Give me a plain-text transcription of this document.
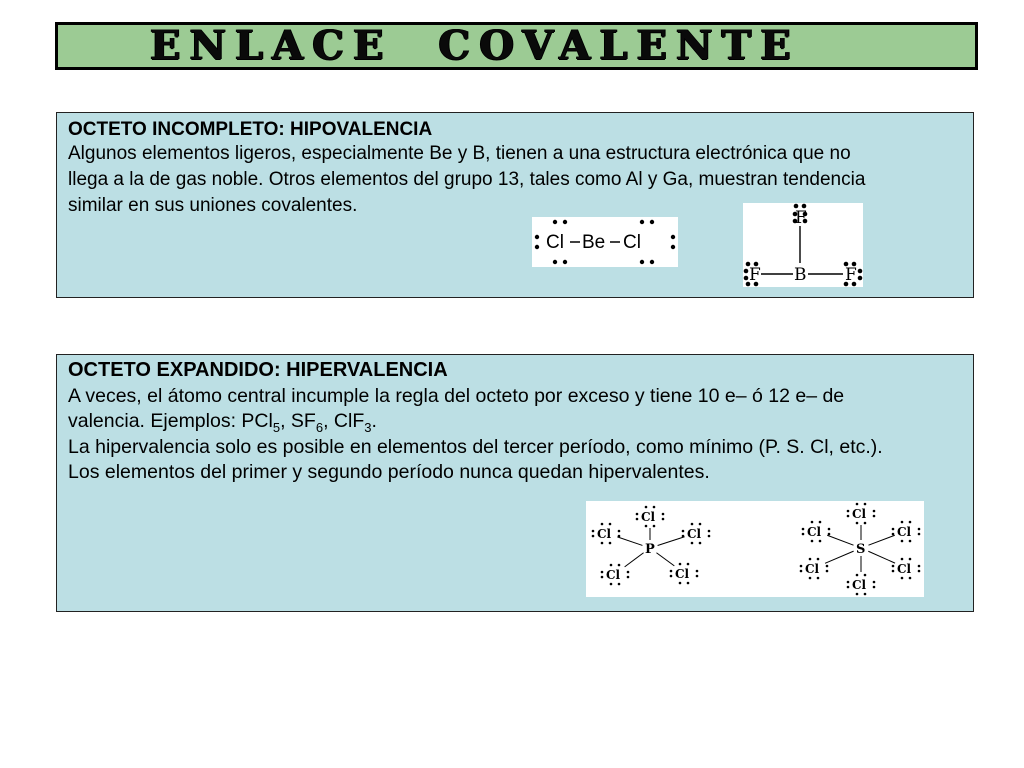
ENLACE  COVALENTE
OCTETO INCOMPLETO: HIPOVALENCIA
Algunos elementos ligeros, especialmente Be y B, tienen a una estructura electrónica que no
llega a la de gas noble. Otros elementos del grupo 13, tales como Al y Ga, muestran tendencia
similar en sus uniones covalentes.
Cl Be Cl
F
F B F
OCTETO EXPANDIDO: HIPERVALENCIA
A veces, el átomo central incumple la regla del octeto por exceso y tiene 10 e– ó 12 e– de
valencia. Ejemplos: PCl$_5$, $SF_6$, ClF$_3$.
La hipervalencia solo es posible en elementos del tercer período, como mínimo (P. S. Cl, etc.).
Los elementos del primer y segundo período nunca quedan hipervalentes.
Cl
Cl	Cl
Cl	Cl
P
Cl
Cl	Cl
Cl	Cl
Cl
S
